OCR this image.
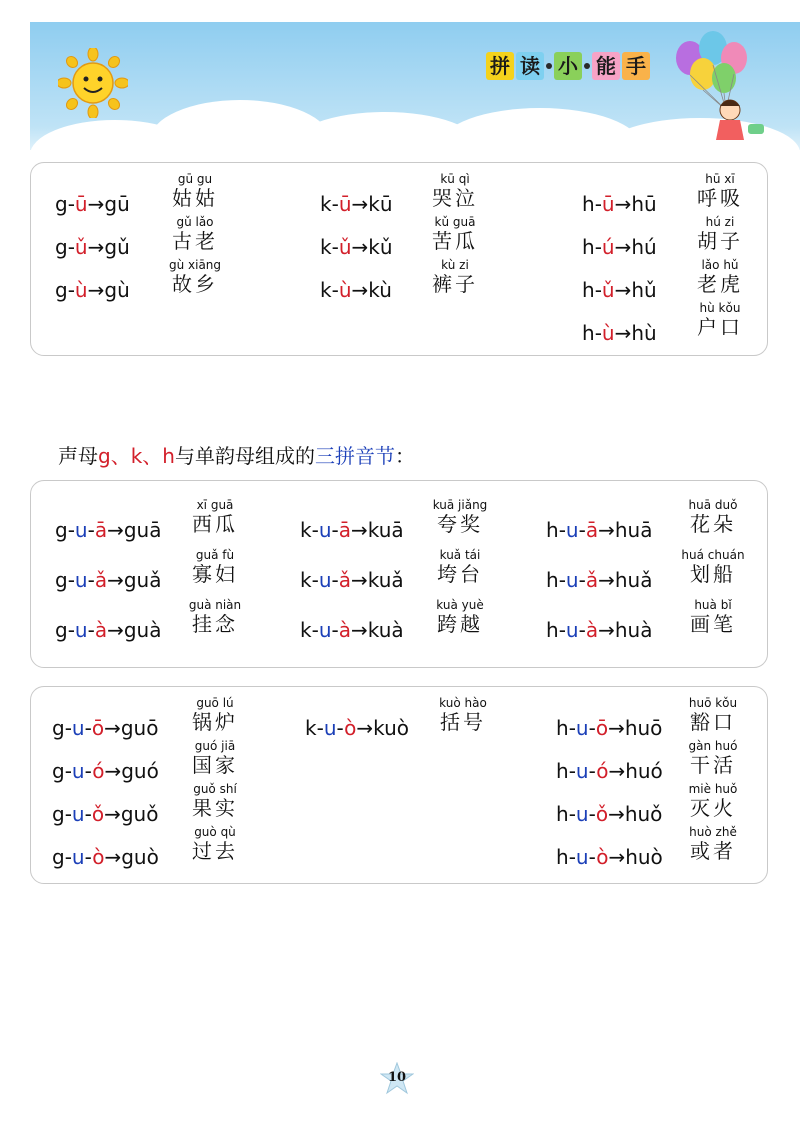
拼 读 小 能 手
声母g、k、h与单韵母组成的三拼音节：
g-ū→gū
gū gu
姑姑
g-ǔ→gǔ
gǔ lǎo
古老
g-ù→gù
gù xiāng
故乡
k-ū→kū
kū qì
哭泣
k-ǔ→kǔ
kǔ guā
苦瓜
k-ù→kù
kù zi
裤子
h-ū→hū
hū xī
呼吸
h-ú→hú
hú zi
胡子
h-ǔ→hǔ
lǎo hǔ
老虎
h-ù→hù
hù kǒu
户口
g-u-ā→guā
xī guā
西瓜
g-u-ǎ→guǎ
guǎ fù
寡妇
g-u-à→guà
guà niàn
挂念
k-u-ā→kuā
kuā jiǎng
夸奖
k-u-ǎ→kuǎ
kuǎ tái
垮台
k-u-à→kuà
kuà yuè
跨越
h-u-ā→huā
huā duǒ
花朵
h-u-ǎ→huǎ
huá chuán
划船
h-u-à→huà
huà bǐ
画笔
g-u-ō→guō
guō lú
锅炉
g-u-ó→guó
guó jiā
国家
g-u-ǒ→guǒ
guǒ shí
果实
g-u-ò→guò
guò qù
过去
k-u-ò→kuò
kuò hào
括号	h-u-ō→huō
huō kǒu
豁口
h-u-ó→huó
gàn huó
干活
h-u-ǒ→huǒ
miè huǒ
灭火
h-u-ò→huò
huò zhě
或者
10
